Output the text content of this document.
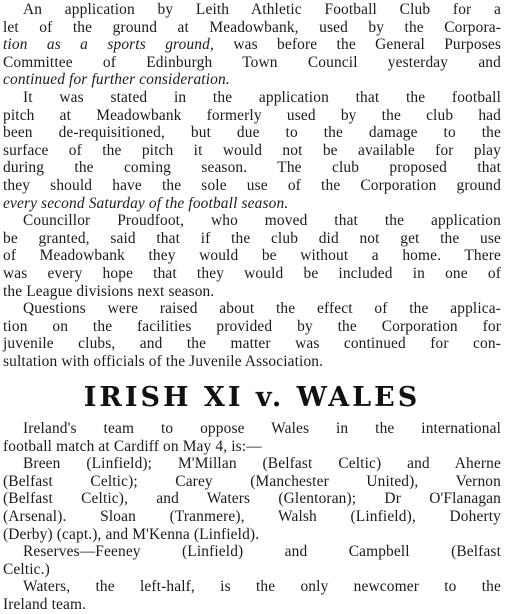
An application by Leith Athletic Football Club for a
let of the ground at Meadowbank, used by the Corpora-
tion as a sports ground, was before the General Purposes
Committee of Edinburgh Town Council yesterday and
continued for further consideration.
It was stated in the application that the football
pitch at Meadowbank formerly used by the club had
been de-requisitioned, but due to the damage to the
surface of the pitch it would not be available for play
during the coming season. The club proposed that
they should have the sole use of the Corporation ground
every second Saturday of the football season.
Councillor Proudfoot, who moved that the application
be granted, said that if the club did not get the use
of Meadowbank they would be without a home. There
was every hope that they would be included in one of
the League divisions next season.
Questions were raised about the effect of the applica-
tion on the facilities provided by the Corporation for
juvenile clubs, and the matter was continued for con-
sultation with officials of the Juvenile Association.
IRISH XI v. WALES
Ireland's team to oppose Wales in the international
football match at Cardiff on May 4, is:—
Breen (Linfield); M'Millan (Belfast Celtic) and Aherne
(Belfast Celtic); Carey (Manchester United), Vernon
(Belfast Celtic), and Waters (Glentoran); Dr O'Flanagan
(Arsenal). Sloan (Tranmere), Walsh (Linfield), Doherty
(Derby) (capt.), and M'Kenna (Linfield).
Reserves—Feeney (Linfield) and Campbell (Belfast
Celtic.)
Waters, the left-half, is the only newcomer to the
Ireland team.
